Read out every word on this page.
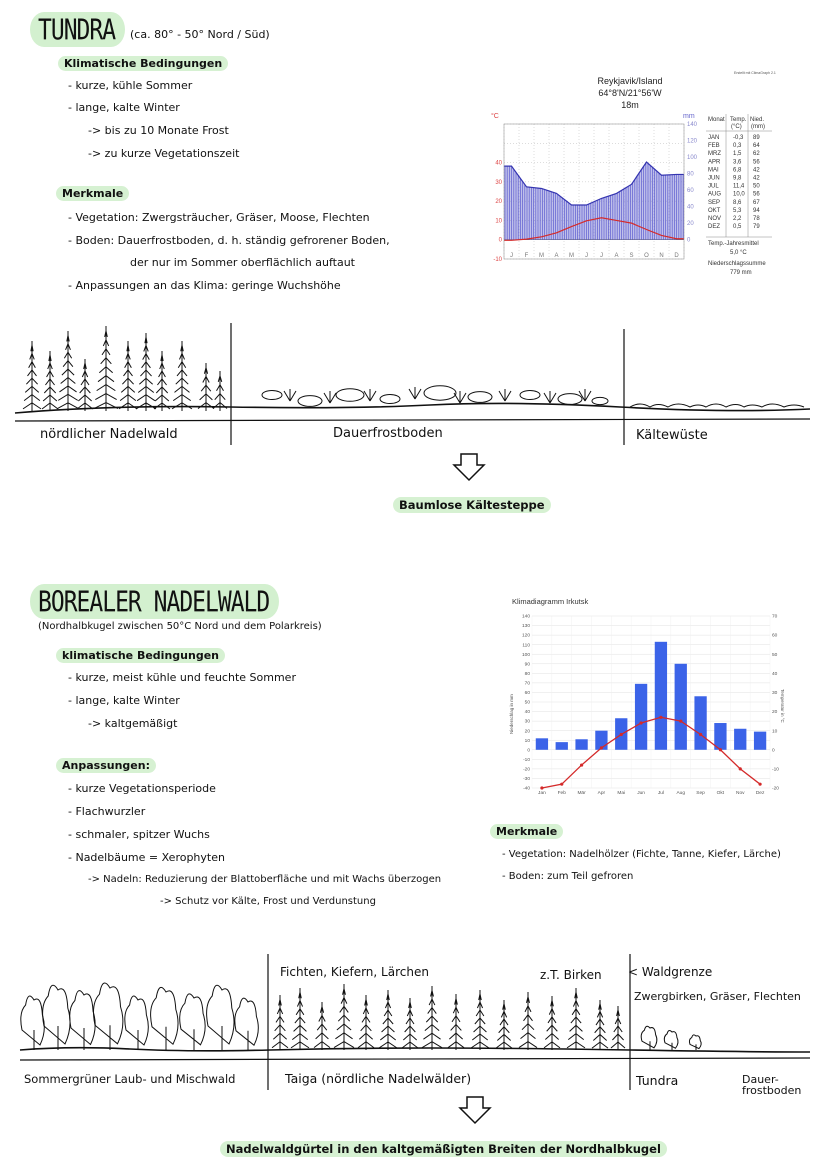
TUNDRA	(ca. 80° - 50° Nord / Süd)
Klimatische Bedingungen
- kurze, kühle Sommer
- lange, kalte Winter
-> bis zu 10 Monate Frost
-> zu kurze Vegetationszeit
Merkmale
- Vegetation: Zwergsträucher, Gräser, Moose, Flechten
- Boden: Dauerfrostboden, d. h. ständig gefrorener Boden,
der nur im Sommer oberflächlich auftaut
- Anpassungen an das Klima: geringe Wuchshöhe
Erstellt mit ClimaGraph 2.1
Reykjavik/Island
64°8'N/21°56'W
18m
°C	mm
-10
0
10
20
30
40
0
20
40
60
80
100
120
140
J F M A M J J A S O N D
Monat Temp. Nied.
(°C) (mm)
JAN -0,3 89
FEB 0,3 64
MRZ 1,5 62
APR 3,6 56
MAI 6,8 42
JUN 9,8 42
JUL 11,4 50
AUG 10,0 56
SEP 8,6 67
OKT 5,3 94
NOV 2,2 78
DEZ 0,5 79
Temp.-Jahresmittel
5,0 °C
Niederschlagssumme
779 mm
nördlicher Nadelwald	Dauerfrostboden	Kältewüste
Baumlose Kältesteppe
BOREALER NADELWALD
(Nordhalbkugel zwischen 50°C Nord und dem Polarkreis)
klimatische Bedingungen
- kurze, meist kühle und feuchte Sommer
- lange, kalte Winter
-> kaltgemäßigt
Anpassungen:
- kurze Vegetationsperiode
- Flachwurzler
- schmaler, spitzer Wuchs
- Nadelbäume = Xerophyten
-> Nadeln: Reduzierung der Blattoberfläche und mit Wachs überzogen
-> Schutz vor Kälte, Frost und Verdunstung
Merkmale
- Vegetation: Nadelhölzer (Fichte, Tanne, Kiefer, Lärche)
- Boden: zum Teil gefroren
Klimadiagramm Irkutsk
-40
-30
-20
-10
0
10
20
30
40
50
60
70
80
90
100
110
120
130
140
-20
-10
0
10
20
30
40
50
60
70
Jan Feb Mär Apr	Mai	Jun	Jul	Aug Sep Okt Nov Dez
Niederschlag in mm	Temperatur in °C
Fichten, Kiefern, Lärchen	z.T. Birken < Waldgrenze
Zwergbirken, Gräser, Flechten
Sommergrüner Laub- und Mischwald	Taiga (nördliche Nadelwälder)	Tundra	Dauer-
frostboden
Nadelwaldgürtel in den kaltgemäßigten Breiten der Nordhalbkugel
